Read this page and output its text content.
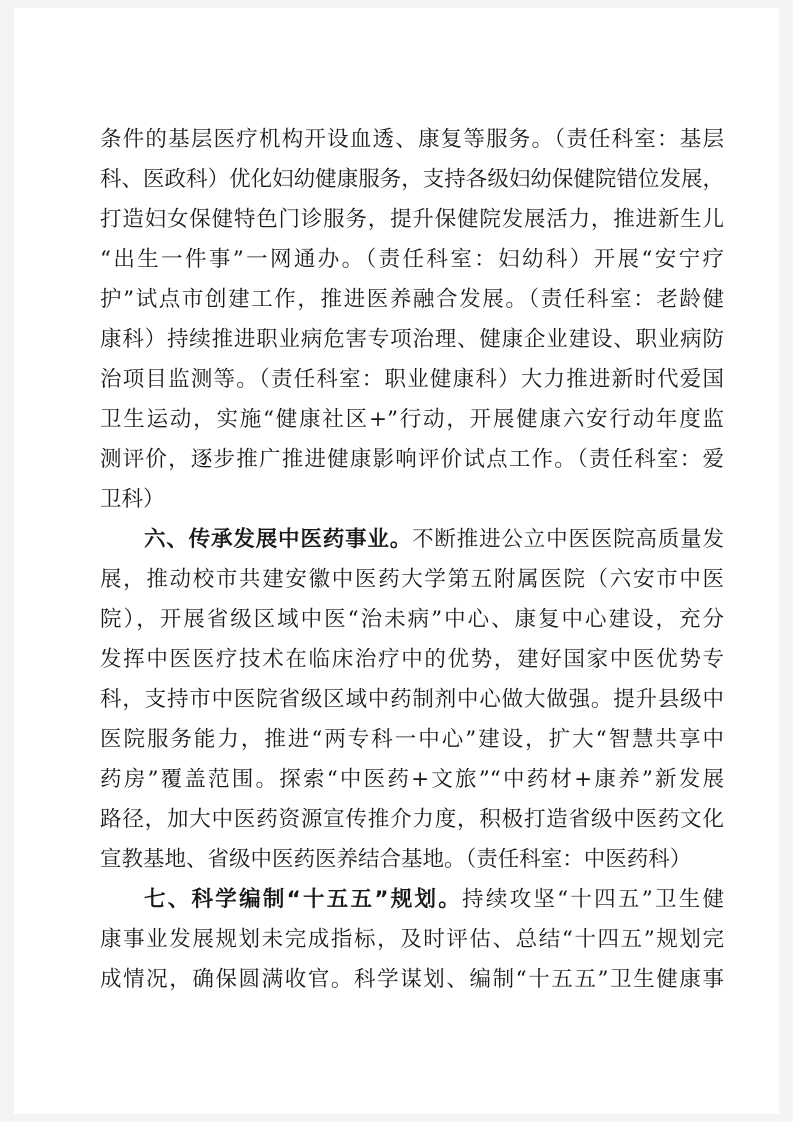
条件的基层医疗机构开设血透、康复等服务。（责任科室：基层
科、医政科）优化妇幼健康服务，支持各级妇幼保健院错位发展，
打造妇女保健特色门诊服务，提升保健院发展活力，推进新生儿
“出生一件事”一网通办。（责任科室：妇幼科）开展“安宁疗
护”试点市创建工作，推进医养融合发展。（责任科室：老龄健
康科）持续推进职业病危害专项治理、健康企业建设、职业病防
治项目监测等。（责任科室：职业健康科）大力推进新时代爱国
卫生运动，实施“健康社区+”行动，开展健康六安行动年度监
测评价，逐步推广推进健康影响评价试点工作。（责任科室：爱
卫科）
六、传承发展中医药事业。不断推进公立中医医院高质量发
展，推动校市共建安徽中医药大学第五附属医院（六安市中医
院），开展省级区域中医“治未病”中心、康复中心建设，充分
发挥中医医疗技术在临床治疗中的优势，建好国家中医优势专
科，支持市中医院省级区域中药制剂中心做大做强。提升县级中
医院服务能力，推进“两专科一中心”建设，扩大“智慧共享中
药房”覆盖范围。探索“中医药+文旅”“中药材+康养”新发展
路径，加大中医药资源宣传推介力度，积极打造省级中医药文化
宣教基地、省级中医药医养结合基地。（责任科室：中医药科）
七、科学编制“十五五”规划。持续攻坚“十四五”卫生健
康事业发展规划未完成指标，及时评估、总结“十四五”规划完
成情况，确保圆满收官。科学谋划、编制“十五五”卫生健康事
